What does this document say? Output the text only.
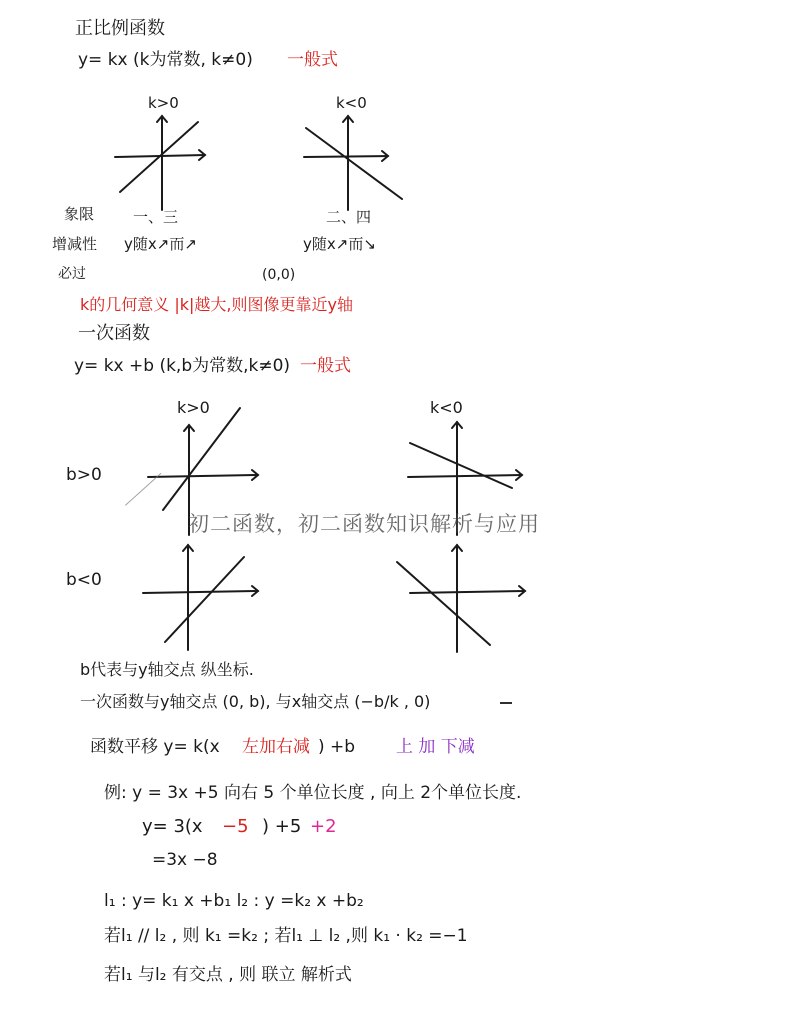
正比例函数
y= kx (k为常数, k≠0) 一般式
k>0	k<0
象限
增减性
必过
一、三
y随x↗而↗
二、四
y随x↗而↘
(0,0)
k的几何意义 |k|越大,则图像更靠近y轴
一次函数
y= kx +b (k,b为常数,k≠0) 一般式
k>0	k<0
b>0
b<0
初二函数，初二函数知识解析与应用
b代表与y轴交点 纵坐标.
一次函数与y轴交点 (0, b), 与x轴交点 (−b/k , 0)
函数平移 y= k(x 左加右减 ) +b 上 加 下减
例: y = 3x +5 向右 5 个单位长度 , 向上 2个单位长度.
y= 3(x −5 ) +5 +2
=3x −8
l₁ : y= k₁ x +b₁ l₂ : y =k₂ x +b₂
若l₁ // l₂ , 则 k₁ =k₂ ; 若l₁ ⊥ l₂ ,则 k₁ · k₂ =−1
若l₁ 与l₂ 有交点 , 则 联立 解析式
